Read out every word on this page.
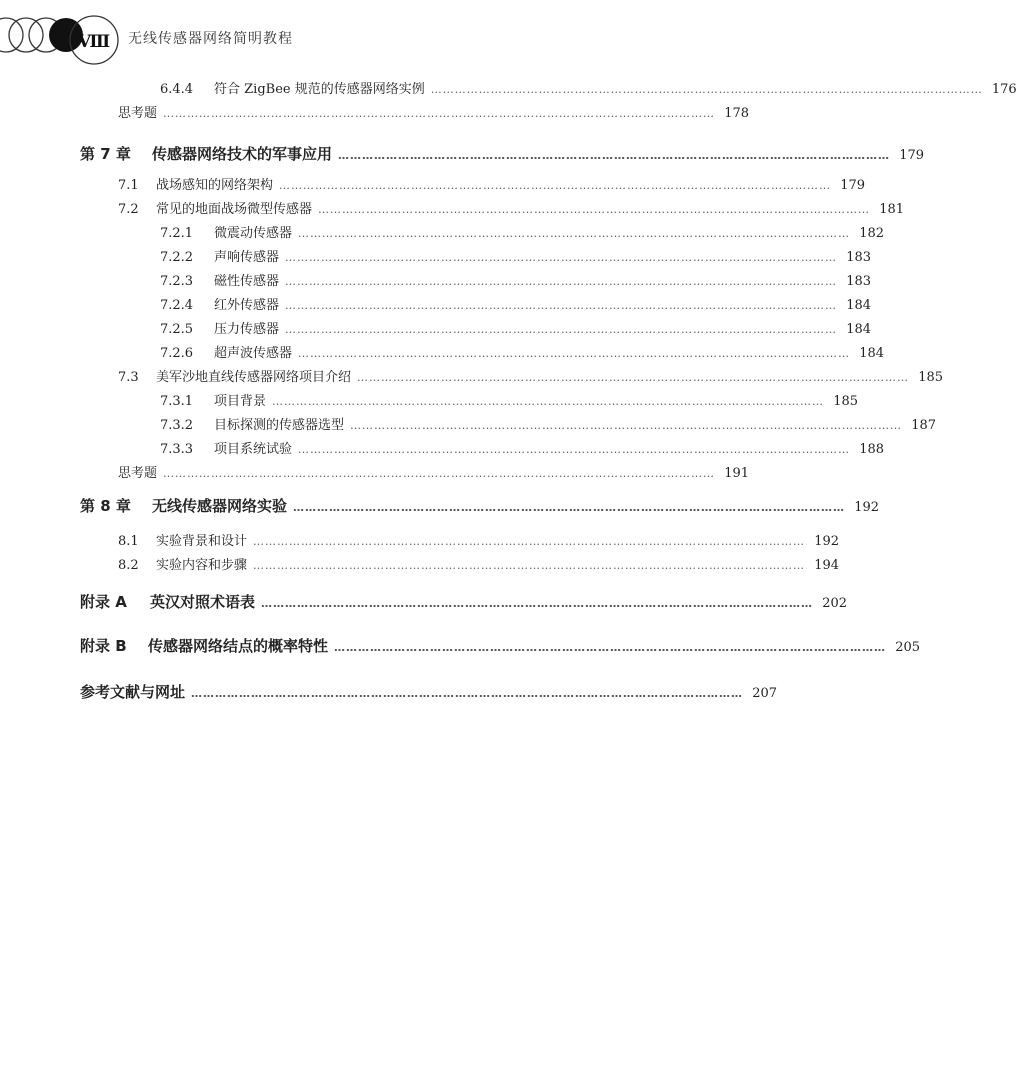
Ⅷ 无线传感器网络简明教程
6.4.4	符合 ZigBee 规范的传感器网络实例 ………………………………………………………………………………………………………………………… 176
思考题 ………………………………………………………………………………………………………………………… 178
第 7 章	传感器网络技术的军事应用 ………………………………………………………………………………………………………………………… 179
7.1	战场感知的网络架构 ………………………………………………………………………………………………………………………… 179
7.2	常见的地面战场微型传感器 ………………………………………………………………………………………………………………………… 181
7.2.1	微震动传感器 ………………………………………………………………………………………………………………………… 182
7.2.2	声响传感器 ………………………………………………………………………………………………………………………… 183
7.2.3	磁性传感器 ………………………………………………………………………………………………………………………… 183
7.2.4	红外传感器 ………………………………………………………………………………………………………………………… 184
7.2.5	压力传感器 ………………………………………………………………………………………………………………………… 184
7.2.6	超声波传感器 ………………………………………………………………………………………………………………………… 184
7.3	美军沙地直线传感器网络项目介绍 ………………………………………………………………………………………………………………………… 185
7.3.1	项目背景 ………………………………………………………………………………………………………………………… 185
7.3.2	目标探测的传感器选型 ………………………………………………………………………………………………………………………… 187
7.3.3	项目系统试验 ………………………………………………………………………………………………………………………… 188
思考题 ………………………………………………………………………………………………………………………… 191
第 8 章	无线传感器网络实验 ………………………………………………………………………………………………………………………… 192
8.1	实验背景和设计 ………………………………………………………………………………………………………………………… 192
8.2	实验内容和步骤 ………………………………………………………………………………………………………………………… 194
附录 A	英汉对照术语表 ………………………………………………………………………………………………………………………… 202
附录 B	传感器网络结点的概率特性 ………………………………………………………………………………………………………………………… 205
参考文献与网址 ………………………………………………………………………………………………………………………… 207
